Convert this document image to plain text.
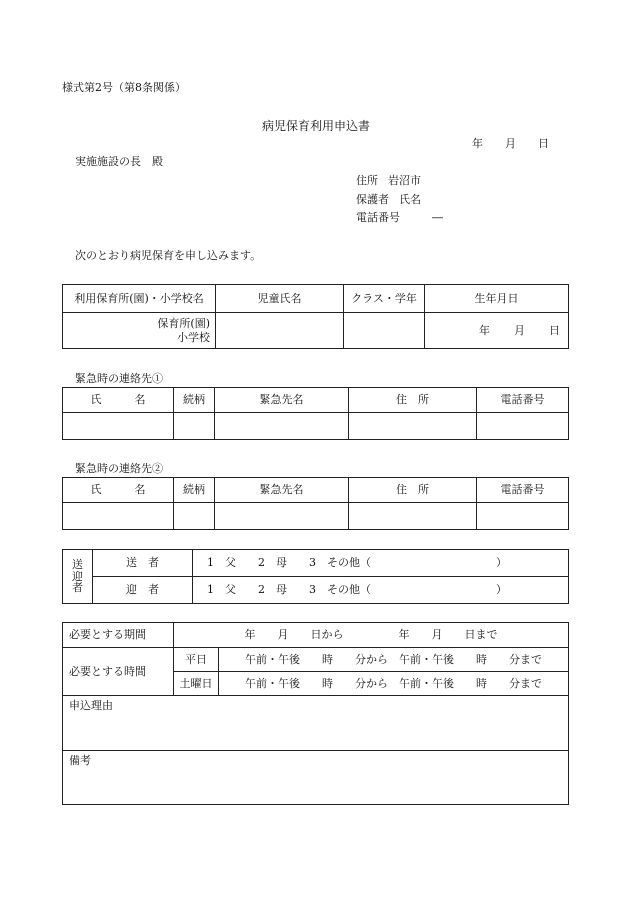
様式第2号（第8条関係）
病児保育利用申込書
年 月 日
実施施設の長　殿
住所 岩沼市
保護者 氏名
電話番号	―
次のとおり病児保育を申し込みます。
利用保育所(園)・小学校名	児童氏名	クラス・学年	生年月日

保育所(園)
小学校			年 月 日
緊急時の連絡先①
氏　　　名	続柄	緊急先名	住　所	電話番号

緊急時の連絡先②
氏　　　名	続柄	緊急先名	住　所	電話番号

送
迎
者	送　者	1　父　　2　母　　3　その他（ ）
	迎　者	1　父　　2　母　　3　その他（ ）
必要とする期間	年　　月　　日から　　　　　年　　月　　日まで	
必要とする時間	平日	午前・午後　　時　　分から　午前・午後　　時　　分まで
	土曜日	午前・午後　　時　　分から　午前・午後　　時　　分まで
申込理由		
備考		
